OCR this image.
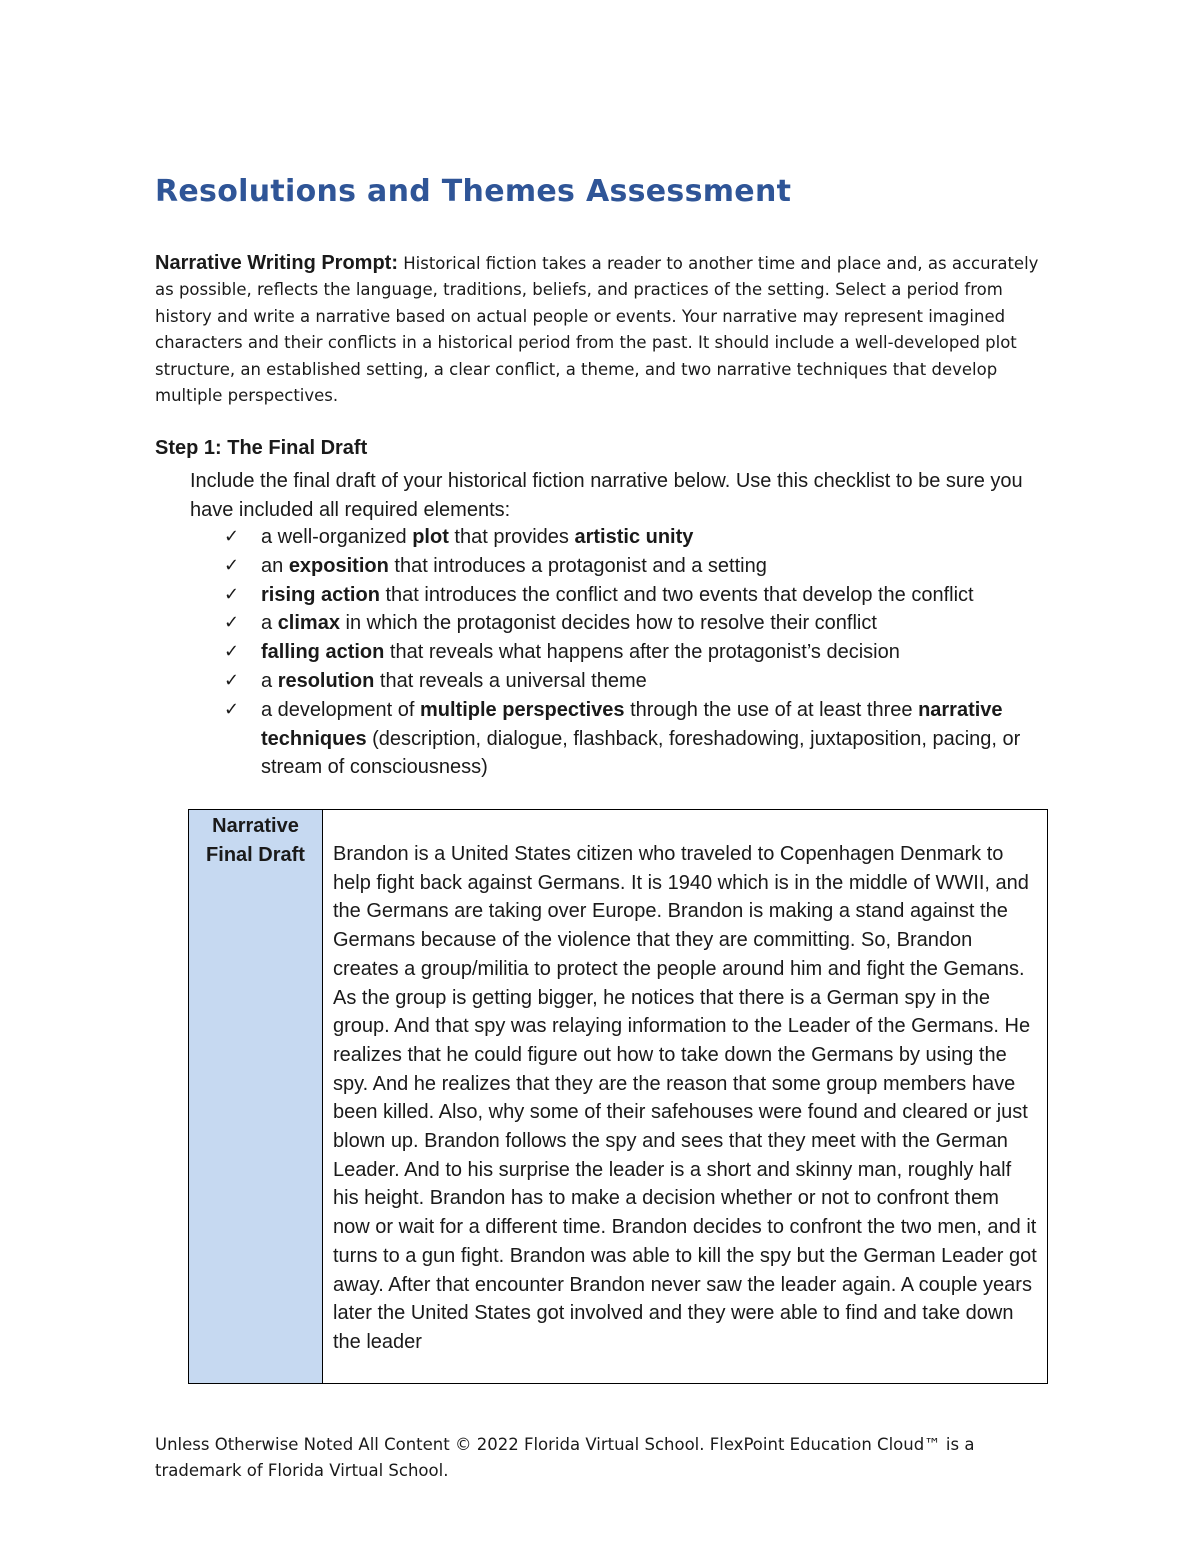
Resolutions and Themes Assessment

Narrative Writing Prompt: Historical fiction takes a reader to another time and place and, as accurately as possible, reflects the language, traditions, beliefs, and practices of the setting. Select a period from history and write a narrative based on actual people or events. Your narrative may represent imagined characters and their conflicts in a historical period from the past. It should include a well-developed plot structure, an established setting, a clear conflict, a theme, and two narrative techniques that develop multiple perspectives.

Step 1: The Final Draft

Include the final draft of your historical fiction narrative below. Use this checklist to be sure you have included all required elements:

✓ a well-organized plot that provides artistic unity
✓ an exposition that introduces a protagonist and a setting
✓ rising action that introduces the conflict and two events that develop the conflict
✓ a climax in which the protagonist decides how to resolve their conflict
✓ falling action that reveals what happens after the protagonist’s decision
✓ a resolution that reveals a universal theme
✓ a development of multiple perspectives through the use of at least three narrative techniques (description, dialogue, flashback, foreshadowing, juxtaposition, pacing, or stream of consciousness)
Narrative Final Draft	Brandon is a United States citizen who traveled to Copenhagen Denmark to help fight back against Germans. It is 1940 which is in the middle of WWII, and the Germans are taking over Europe. Brandon is making a stand against the Germans because of the violence that they are committing. So, Brandon creates a group/militia to protect the people around him and fight the Gemans. As the group is getting bigger, he notices that there is a German spy in the group. And that spy was relaying information to the Leader of the Germans. He realizes that he could figure out how to take down the Germans by using the spy. And he realizes that they are the reason that some group members have been killed. Also, why some of their safehouses were found and cleared or just blown up. Brandon follows the spy and sees that they meet with the German Leader. And to his surprise the leader is a short and skinny man, roughly half his height. Brandon has to make a decision whether or not to confront them now or wait for a different time. Brandon decides to confront the two men, and it turns to a gun fight. Brandon was able to kill the spy but the German Leader got away. After that encounter Brandon never saw the leader again. A couple years later the United States got involved and they were able to find and take down the leader

Unless Otherwise Noted All Content © 2022 Florida Virtual School. FlexPoint Education Cloud™ is a trademark of Florida Virtual School.
